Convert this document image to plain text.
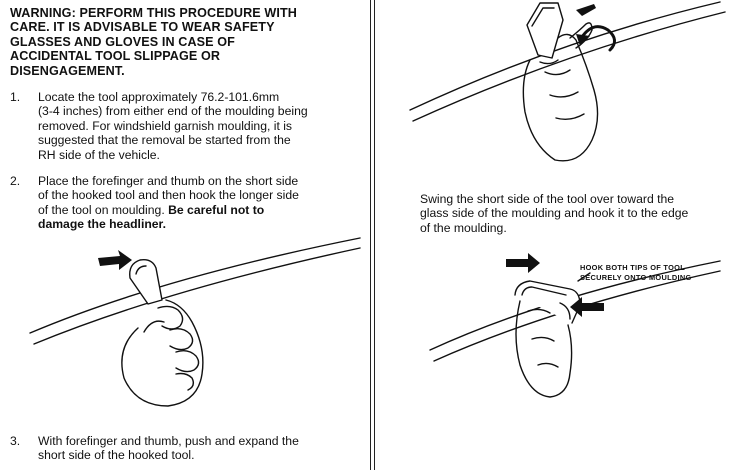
WARNING: PERFORM THIS PROCEDURE WITH
CARE. IT IS ADVISABLE TO WEAR SAFETY
GLASSES AND GLOVES IN CASE OF
ACCIDENTAL TOOL SLIPPAGE OR
DISENGAGEMENT.
1. Locate the tool approximately 76.2-101.6mm
(3-4 inches) from either end of the moulding being
removed. For windshield garnish moulding, it is
suggested that the removal be started from the
RH side of the vehicle.
2. Place the forefinger and thumb on the short side
of the hooked tool and then hook the longer side
of the tool on moulding. Be careful not to
damage the headliner.
3. With forefinger and thumb, push and expand the
short side of the hooked tool.
Swing the short side of the tool over toward the
glass side of the moulding and hook it to the edge
of the moulding.
HOOK BOTH TIPS OF TOOL
SECURELY ONTO MOULDING
